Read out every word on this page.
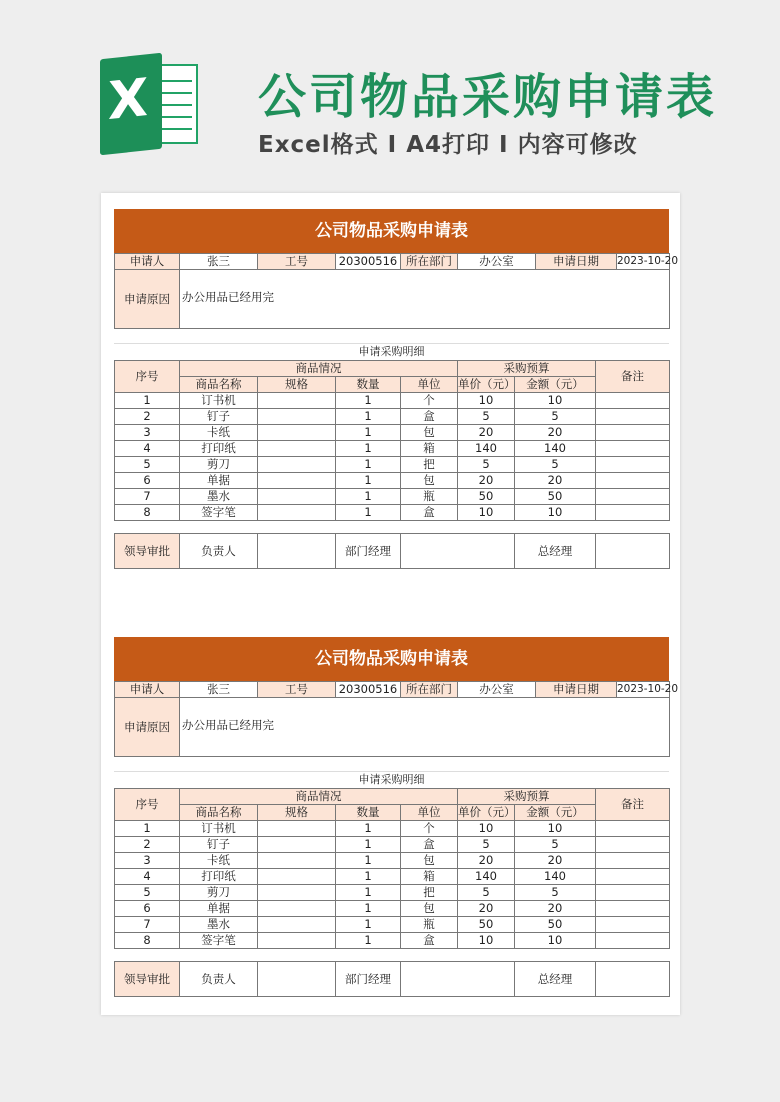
X 公司物品采购申请表
Excel格式 I A4打印 I 内容可修改
公司物品采购申请表
申请人	张三	工号	20300516	所在部门	办公室	申请日期	2023-10-20
申请原因	办公用品已经用完						
申请采购明细
序号	商品情况				采购预算		备注
	商品名称	规格	数量	单位	单价（元）	金额（元）	
1	订书机		1	个	10	10	
2	钉子		1	盒	5	5	
3	卡纸		1	包	20	20	
4	打印纸		1	箱	140	140	
5	剪刀		1	把	5	5	
6	单据		1	包	20	20	
7	墨水		1	瓶	50	50	
8	签字笔		1	盒	10	10	
领导审批	负责人		部门经理		总经理	
公司物品采购申请表
申请人	张三	工号	20300516	所在部门	办公室	申请日期	2023-10-20
申请原因	办公用品已经用完						
申请采购明细
序号	商品情况				采购预算		备注
	商品名称	规格	数量	单位	单价（元）	金额（元）	
1	订书机		1	个	10	10	
2	钉子		1	盒	5	5	
3	卡纸		1	包	20	20	
4	打印纸		1	箱	140	140	
5	剪刀		1	把	5	5	
6	单据		1	包	20	20	
7	墨水		1	瓶	50	50	
8	签字笔		1	盒	10	10	
领导审批	负责人		部门经理		总经理	
